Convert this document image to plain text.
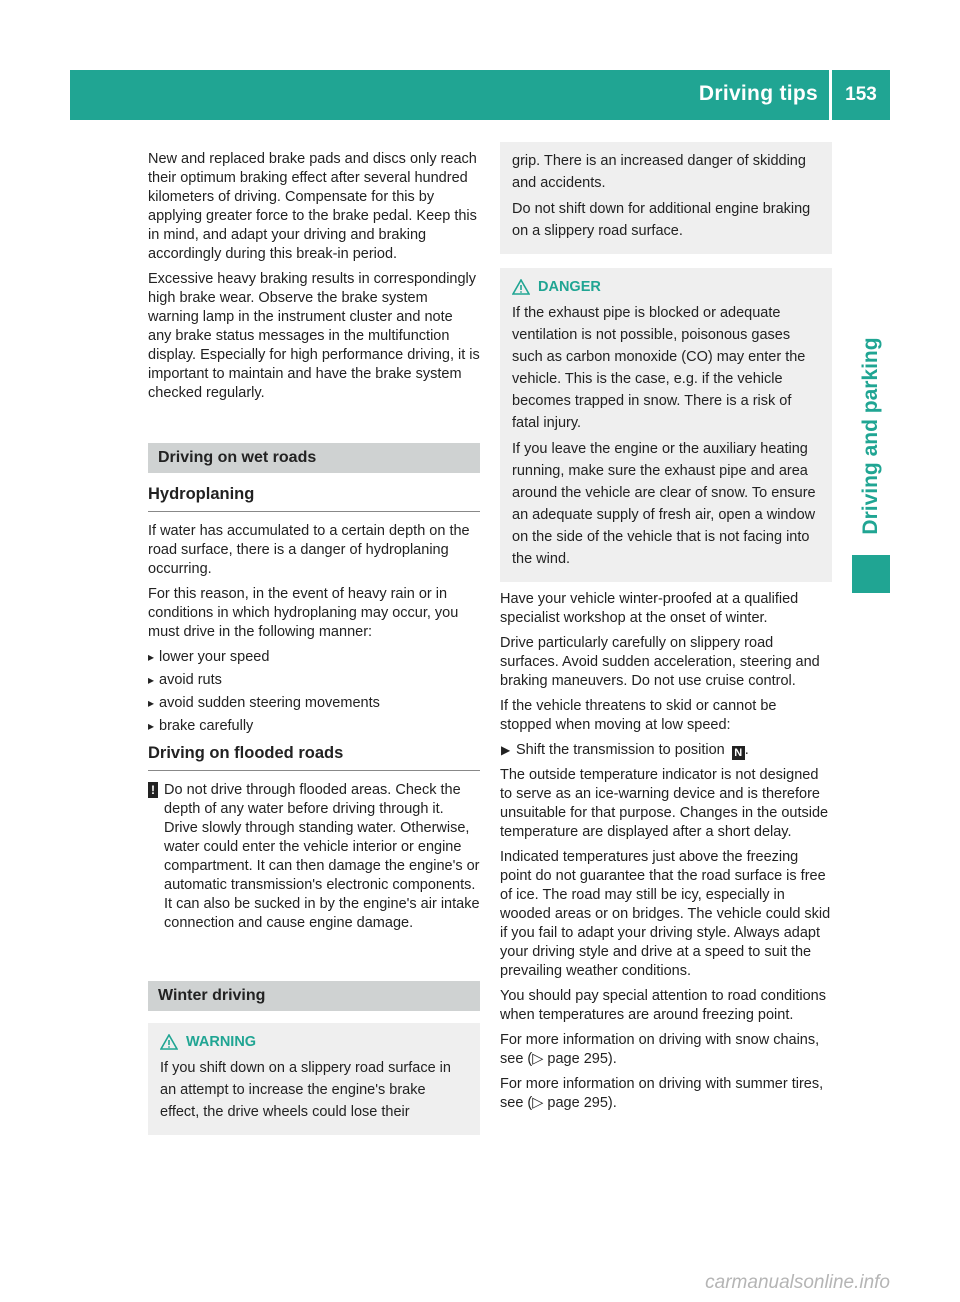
Driving tips	153
Driving and parking

New and replaced brake pads and discs only reach their optimum braking effect after several hundred kilometers of driving. Compensate for this by applying greater force to the brake pedal. Keep this in mind, and adapt your driving and braking accordingly during this break-in period.

Excessive heavy braking results in correspondingly high brake wear. Observe the brake system warning lamp in the instrument cluster and note any brake status messages in the multifunction display. Especially for high performance driving, it is important to maintain and have the brake system checked regularly.

Driving on wet roads
Hydroplaning

If water has accumulated to a certain depth on the road surface, there is a danger of hydroplaning occurring.

For this reason, in the event of heavy rain or in conditions in which hydroplaning may occur, you must drive in the following manner:

▸ lower your speed
▸ avoid ruts
▸ avoid sudden steering movements
▸ brake carefully
Driving on flooded roads
! Do not drive through flooded areas. Check the depth of any water before driving through it. Drive slowly through standing water. Otherwise, water could enter the vehicle interior or engine compartment. It can then damage the engine's or automatic transmission's electronic components. It can also be sucked in by the engine's air intake connection and cause engine damage.
Winter driving
WARNING

If you shift down on a slippery road surface in an attempt to increase the engine's brake effect, the drive wheels could lose their

grip. There is an increased danger of skidding and accidents.

Do not shift down for additional engine braking on a slippery road surface.

DANGER

If the exhaust pipe is blocked or adequate ventilation is not possible, poisonous gases such as carbon monoxide (CO) may enter the vehicle. This is the case, e.g. if the vehicle becomes trapped in snow. There is a risk of fatal injury.

If you leave the engine or the auxiliary heating running, make sure the exhaust pipe and area around the vehicle are clear of snow. To ensure an adequate supply of fresh air, open a window on the side of the vehicle that is not facing into the wind.

Have your vehicle winter-proofed at a qualified specialist workshop at the onset of winter.

Drive particularly carefully on slippery road surfaces. Avoid sudden acceleration, steering and braking maneuvers. Do not use cruise control.

If the vehicle threatens to skid or cannot be stopped when moving at low speed:

▶ Shift the transmission to position N .

The outside temperature indicator is not designed to serve as an ice-warning device and is therefore unsuitable for that purpose. Changes in the outside temperature are displayed after a short delay.

Indicated temperatures just above the freezing point do not guarantee that the road surface is free of ice. The road may still be icy, especially in wooded areas or on bridges. The vehicle could skid if you fail to adapt your driving style. Always adapt your driving style and drive at a speed to suit the prevailing weather conditions.

You should pay special attention to road conditions when temperatures are around freezing point.

For more information on driving with snow chains, see (▷ page 295).

For more information on driving with summer tires, see (▷ page 295).

carmanualsonline.info
